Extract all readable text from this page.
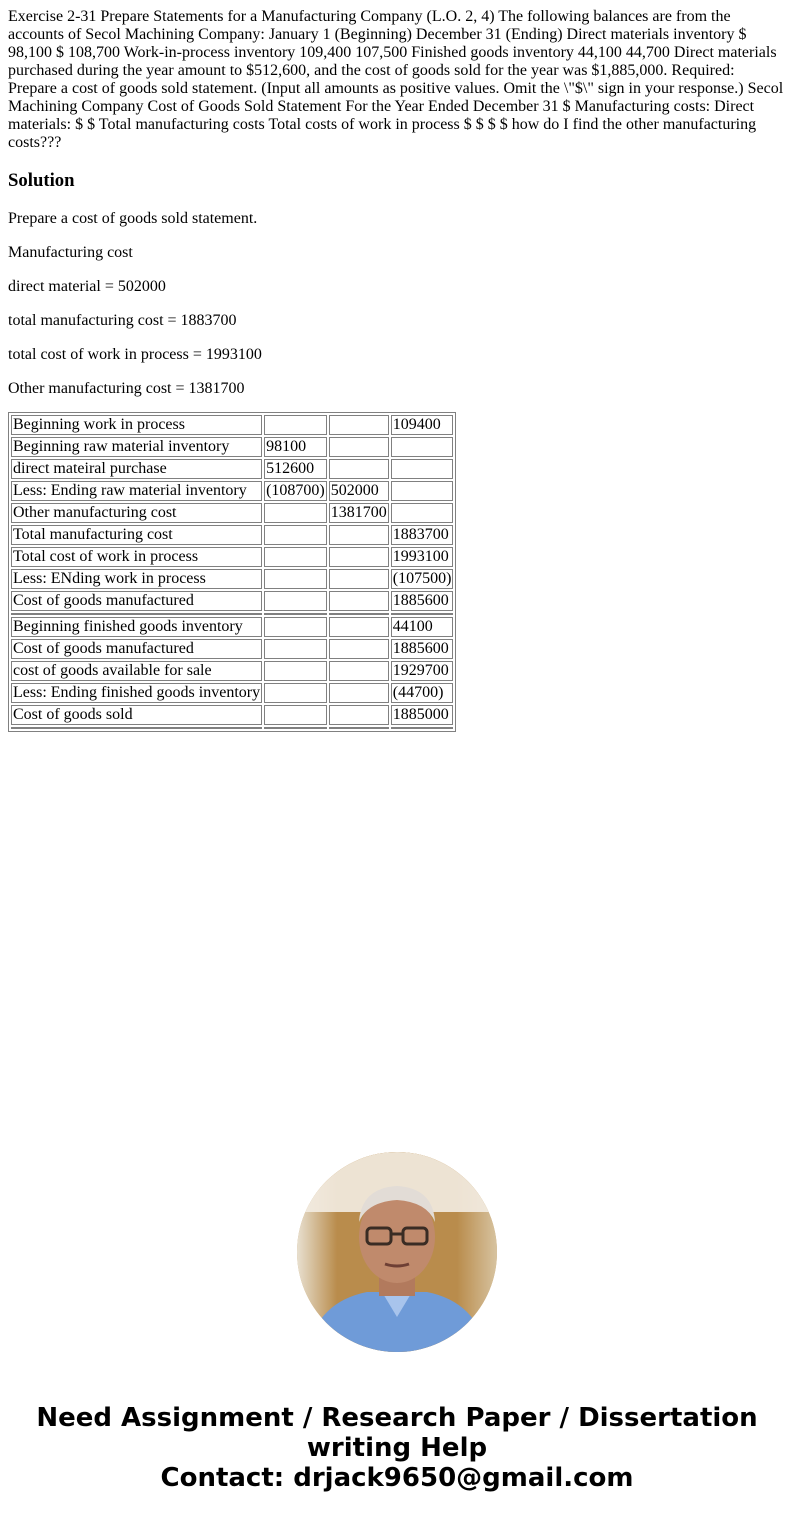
Exercise 2-31 Prepare Statements for a Manufacturing Company (L.O. 2, 4) The following balances are from the accounts of Secol Machining Company: January 1 (Beginning) December 31 (Ending) Direct materials inventory $ 98,100 $ 108,700 Work-in-process inventory 109,400 107,500 Finished goods inventory 44,100 44,700 Direct materials purchased during the year amount to $512,600, and the cost of goods sold for the year was $1,885,000. Required: Prepare a cost of goods sold statement. (Input all amounts as positive values. Omit the \"$\" sign in your response.) Secol Machining Company Cost of Goods Sold Statement For the Year Ended December 31 $ Manufacturing costs: Direct materials: $ $ Total manufacturing costs Total costs of work in process $ $ $ $ how do I find the other manufacturing costs???

Solution

Prepare a cost of goods sold statement.

Manufacturing cost

direct material = 502000

total manufacturing cost = 1883700

total cost of work in process = 1993100

Other manufacturing cost = 1381700

Beginning work in process			109400
Beginning raw material inventory	98100		
direct mateiral purchase	512600		
Less: Ending raw material inventory	(108700)	502000	
Other manufacturing cost		1381700	
Total manufacturing cost			1883700
Total cost of work in process			1993100
Less: ENding work in process			(107500)
Cost of goods manufactured			1885600

Beginning finished goods inventory			44100
Cost of goods manufactured			1885600
cost of goods available for sale			1929700
Less: Ending finished goods inventory			(44700)
Cost of goods sold			1885000

Need Assignment / Research Paper / Dissertation
writing Help
Contact: drjack9650@gmail.com
